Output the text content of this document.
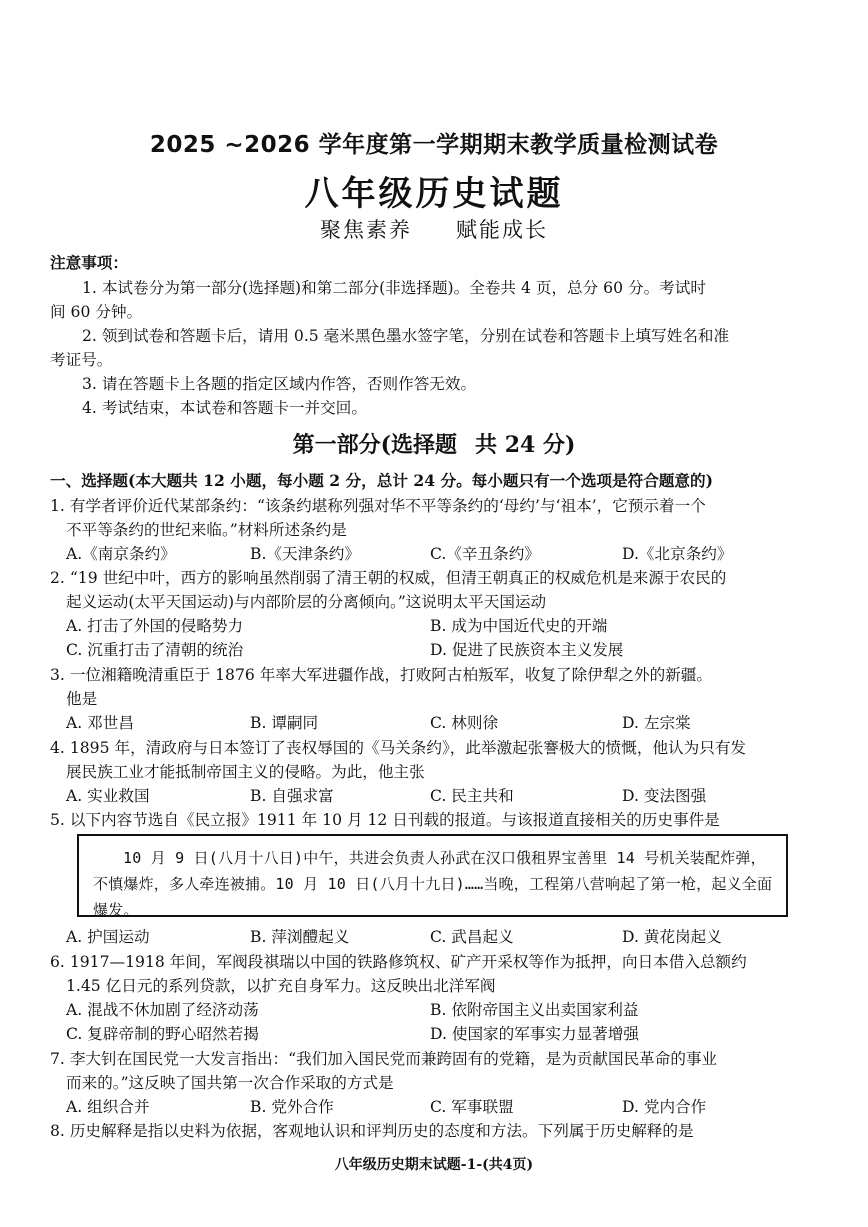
2025 ~2026 学年度第一学期期末教学质量检测试卷
八年级历史试题
聚焦素养 赋能成长
注意事项：
1. 本试卷分为第一部分(选择题)和第二部分(非选择题)。全卷共 4 页，总分 60 分。考试时
间 60 分钟。
2. 领到试卷和答题卡后，请用 0.5 毫米黑色墨水签字笔，分别在试卷和答题卡上填写姓名和准
考证号。
3. 请在答题卡上各题的指定区域内作答，否则作答无效。
4. 考试结束，本试卷和答题卡一并交回。
第一部分(选择题 共 24 分)
一、选择题(本大题共 12 小题，每小题 2 分，总计 24 分。每小题只有一个选项是符合题意的)
1. 有学者评价近代某部条约：“该条约堪称列强对华不平等条约的‘母约’与‘祖本’，它预示着一个
不平等条约的世纪来临。”材料所述条约是
A.《南京条约》	B.《天津条约》	C.《辛丑条约》	D.《北京条约》
2. “19 世纪中叶，西方的影响虽然削弱了清王朝的权威，但清王朝真正的权威危机是来源于农民的
起义运动(太平天国运动)与内部阶层的分离倾向。”这说明太平天国运动
A. 打击了外国的侵略势力	B. 成为中国近代史的开端
C. 沉重打击了清朝的统治	D. 促进了民族资本主义发展
3. 一位湘籍晚清重臣于 1876 年率大军进疆作战，打败阿古柏叛军，收复了除伊犁之外的新疆。
他是
A. 邓世昌	B. 谭嗣同	C. 林则徐	D. 左宗棠
4. 1895 年，清政府与日本签订了丧权辱国的《马关条约》，此举激起张謇极大的愤慨，他认为只有发
展民族工业才能抵制帝国主义的侵略。为此，他主张
A. 实业救国	B. 自强求富	C. 民主共和	D. 变法图强
5. 以下内容节选自《民立报》1911 年 10 月 12 日刊载的报道。与该报道直接相关的历史事件是
10 月 9 日(八月十八日)中午，共进会负责人孙武在汉口俄租界宝善里 14 号机关装配炸弹，不慎爆炸，多人牵连被捕。10 月 10 日(八月十九日)……当晚，工程第八营响起了第一枪，起义全面爆发。
A. 护国运动	B. 萍浏醴起义	C. 武昌起义	D. 黄花岗起义
6. 1917—1918 年间，军阀段祺瑞以中国的铁路修筑权、矿产开采权等作为抵押，向日本借入总额约
1.45 亿日元的系列贷款，以扩充自身军力。这反映出北洋军阀
A. 混战不休加剧了经济动荡	B. 依附帝国主义出卖国家利益
C. 复辟帝制的野心昭然若揭	D. 使国家的军事实力显著增强
7. 李大钊在国民党一大发言指出：“我们加入国民党而兼跨固有的党籍，是为贡献国民革命的事业
而来的。”这反映了国共第一次合作采取的方式是
A. 组织合并	B. 党外合作	C. 军事联盟	D. 党内合作
8. 历史解释是指以史料为依据，客观地认识和评判历史的态度和方法。下列属于历史解释的是
八年级历史期末试题-1-(共4页)
